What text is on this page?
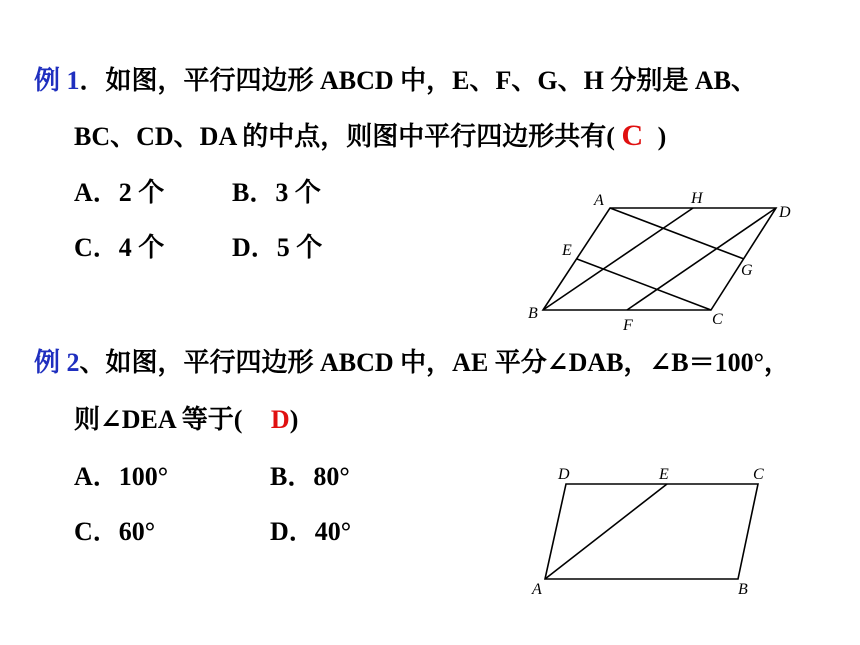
例 1．如图，平行四边形 ABCD 中，E、F、G、H 分别是 AB、
BC、CD、DA 的中点，则图中平行四边形共有( C )
A．2 个	B．3 个
C．4 个	D．5 个
A	H
D
E
G
B
F	C
D	E	C
A	B
例 2、如图，平行四边形 ABCD 中，AE 平分∠DAB，∠B＝100°，
则∠DEA 等于( D)
A．100°	B．80°
C．60°	D．40°
